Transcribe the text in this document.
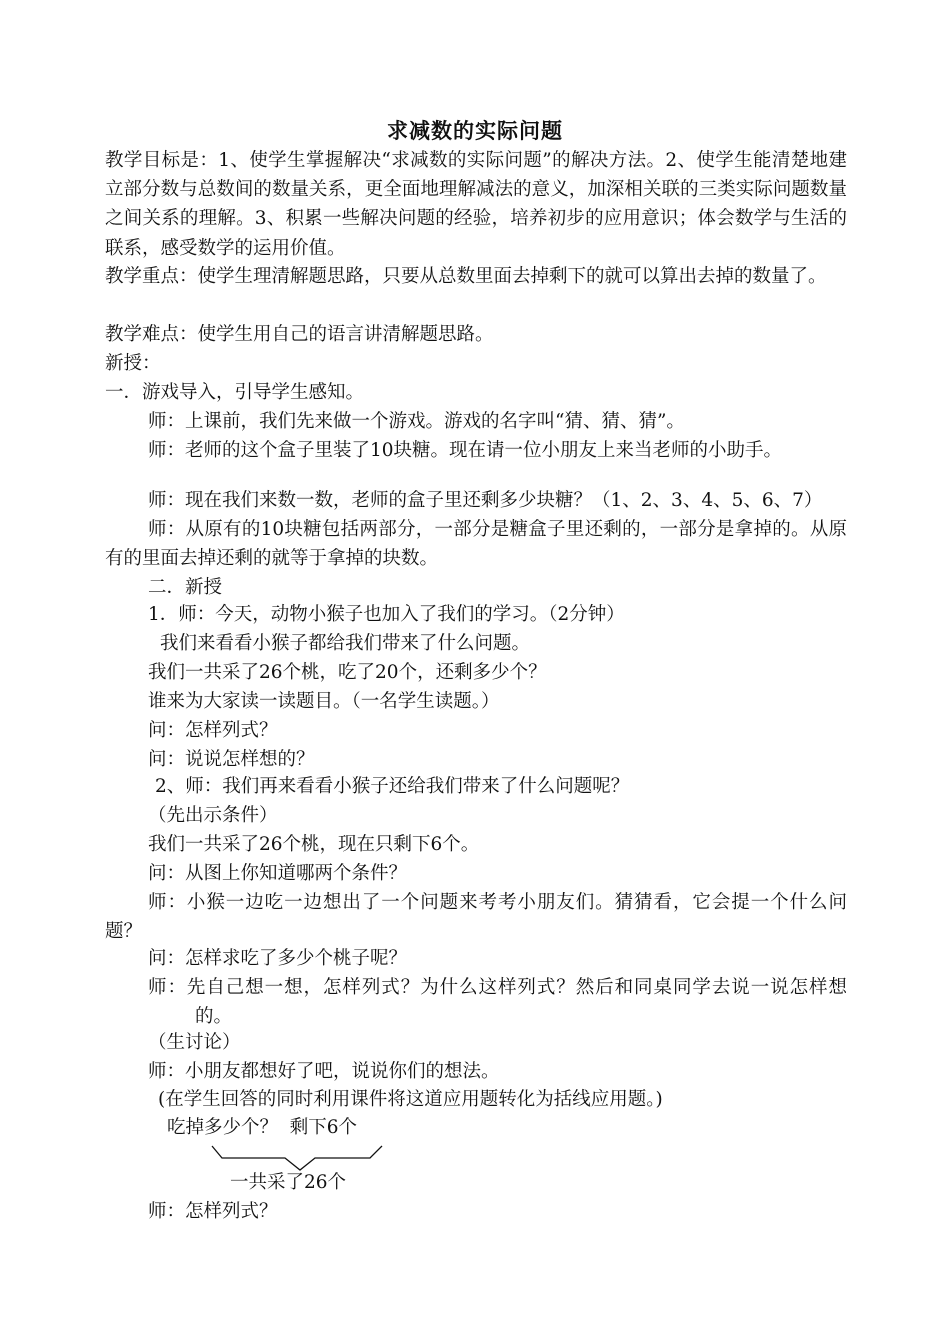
求减数的实际问题
教学目标是：1、使学生掌握解决“求减数的实际问题”的解决方法。2、使学生能清楚地建立部分数与总数间的数量关系，更全面地理解减法的意义，加深相关联的三类实际问题数量之间关系的理解。3、积累一些解决问题的经验，培养初步的应用意识；体会数学与生活的联系，感受数学的运用价值。
教学重点：使学生理清解题思路，只要从总数里面去掉剩下的就可以算出去掉的数量了。
教学难点：使学生用自己的语言讲清解题思路。
新授：
一．游戏导入，引导学生感知。
师：上课前，我们先来做一个游戏。游戏的名字叫“猜、猜、猜”。
师：老师的这个盒子里装了10块糖。现在请一位小朋友上来当老师的小助手。
师：现在我们来数一数，老师的盒子里还剩多少块糖？（1、2、3、4、5、6、7）
师：从原有的10块糖包括两部分，一部分是糖盒子里还剩的，一部分是拿掉的。从原有的里面去掉还剩的就等于拿掉的块数。
二．新授
1．师：今天，动物小猴子也加入了我们的学习。（2分钟）
我们来看看小猴子都给我们带来了什么问题。
我们一共采了26个桃，吃了20个，还剩多少个？
谁来为大家读一读题目。（一名学生读题。）
问：怎样列式？
问：说说怎样想的？
2、师：我们再来看看小猴子还给我们带来了什么问题呢？
（先出示条件）
我们一共采了26个桃，现在只剩下6个。
问：从图上你知道哪两个条件？
师：小猴一边吃一边想出了一个问题来考考小朋友们。猜猜看，它会提一个什么问题？
问：怎样求吃了多少个桃子呢？
师：先自己想一想，怎样列式？为什么这样列式？然后和同桌同学去说一说怎样想的。
（生讨论）
师：小朋友都想好了吧，说说你们的想法。
(在学生回答的同时利用课件将这道应用题转化为括线应用题。)
吃掉多少个？  剩下6个
一共采了26个
师：怎样列式？
